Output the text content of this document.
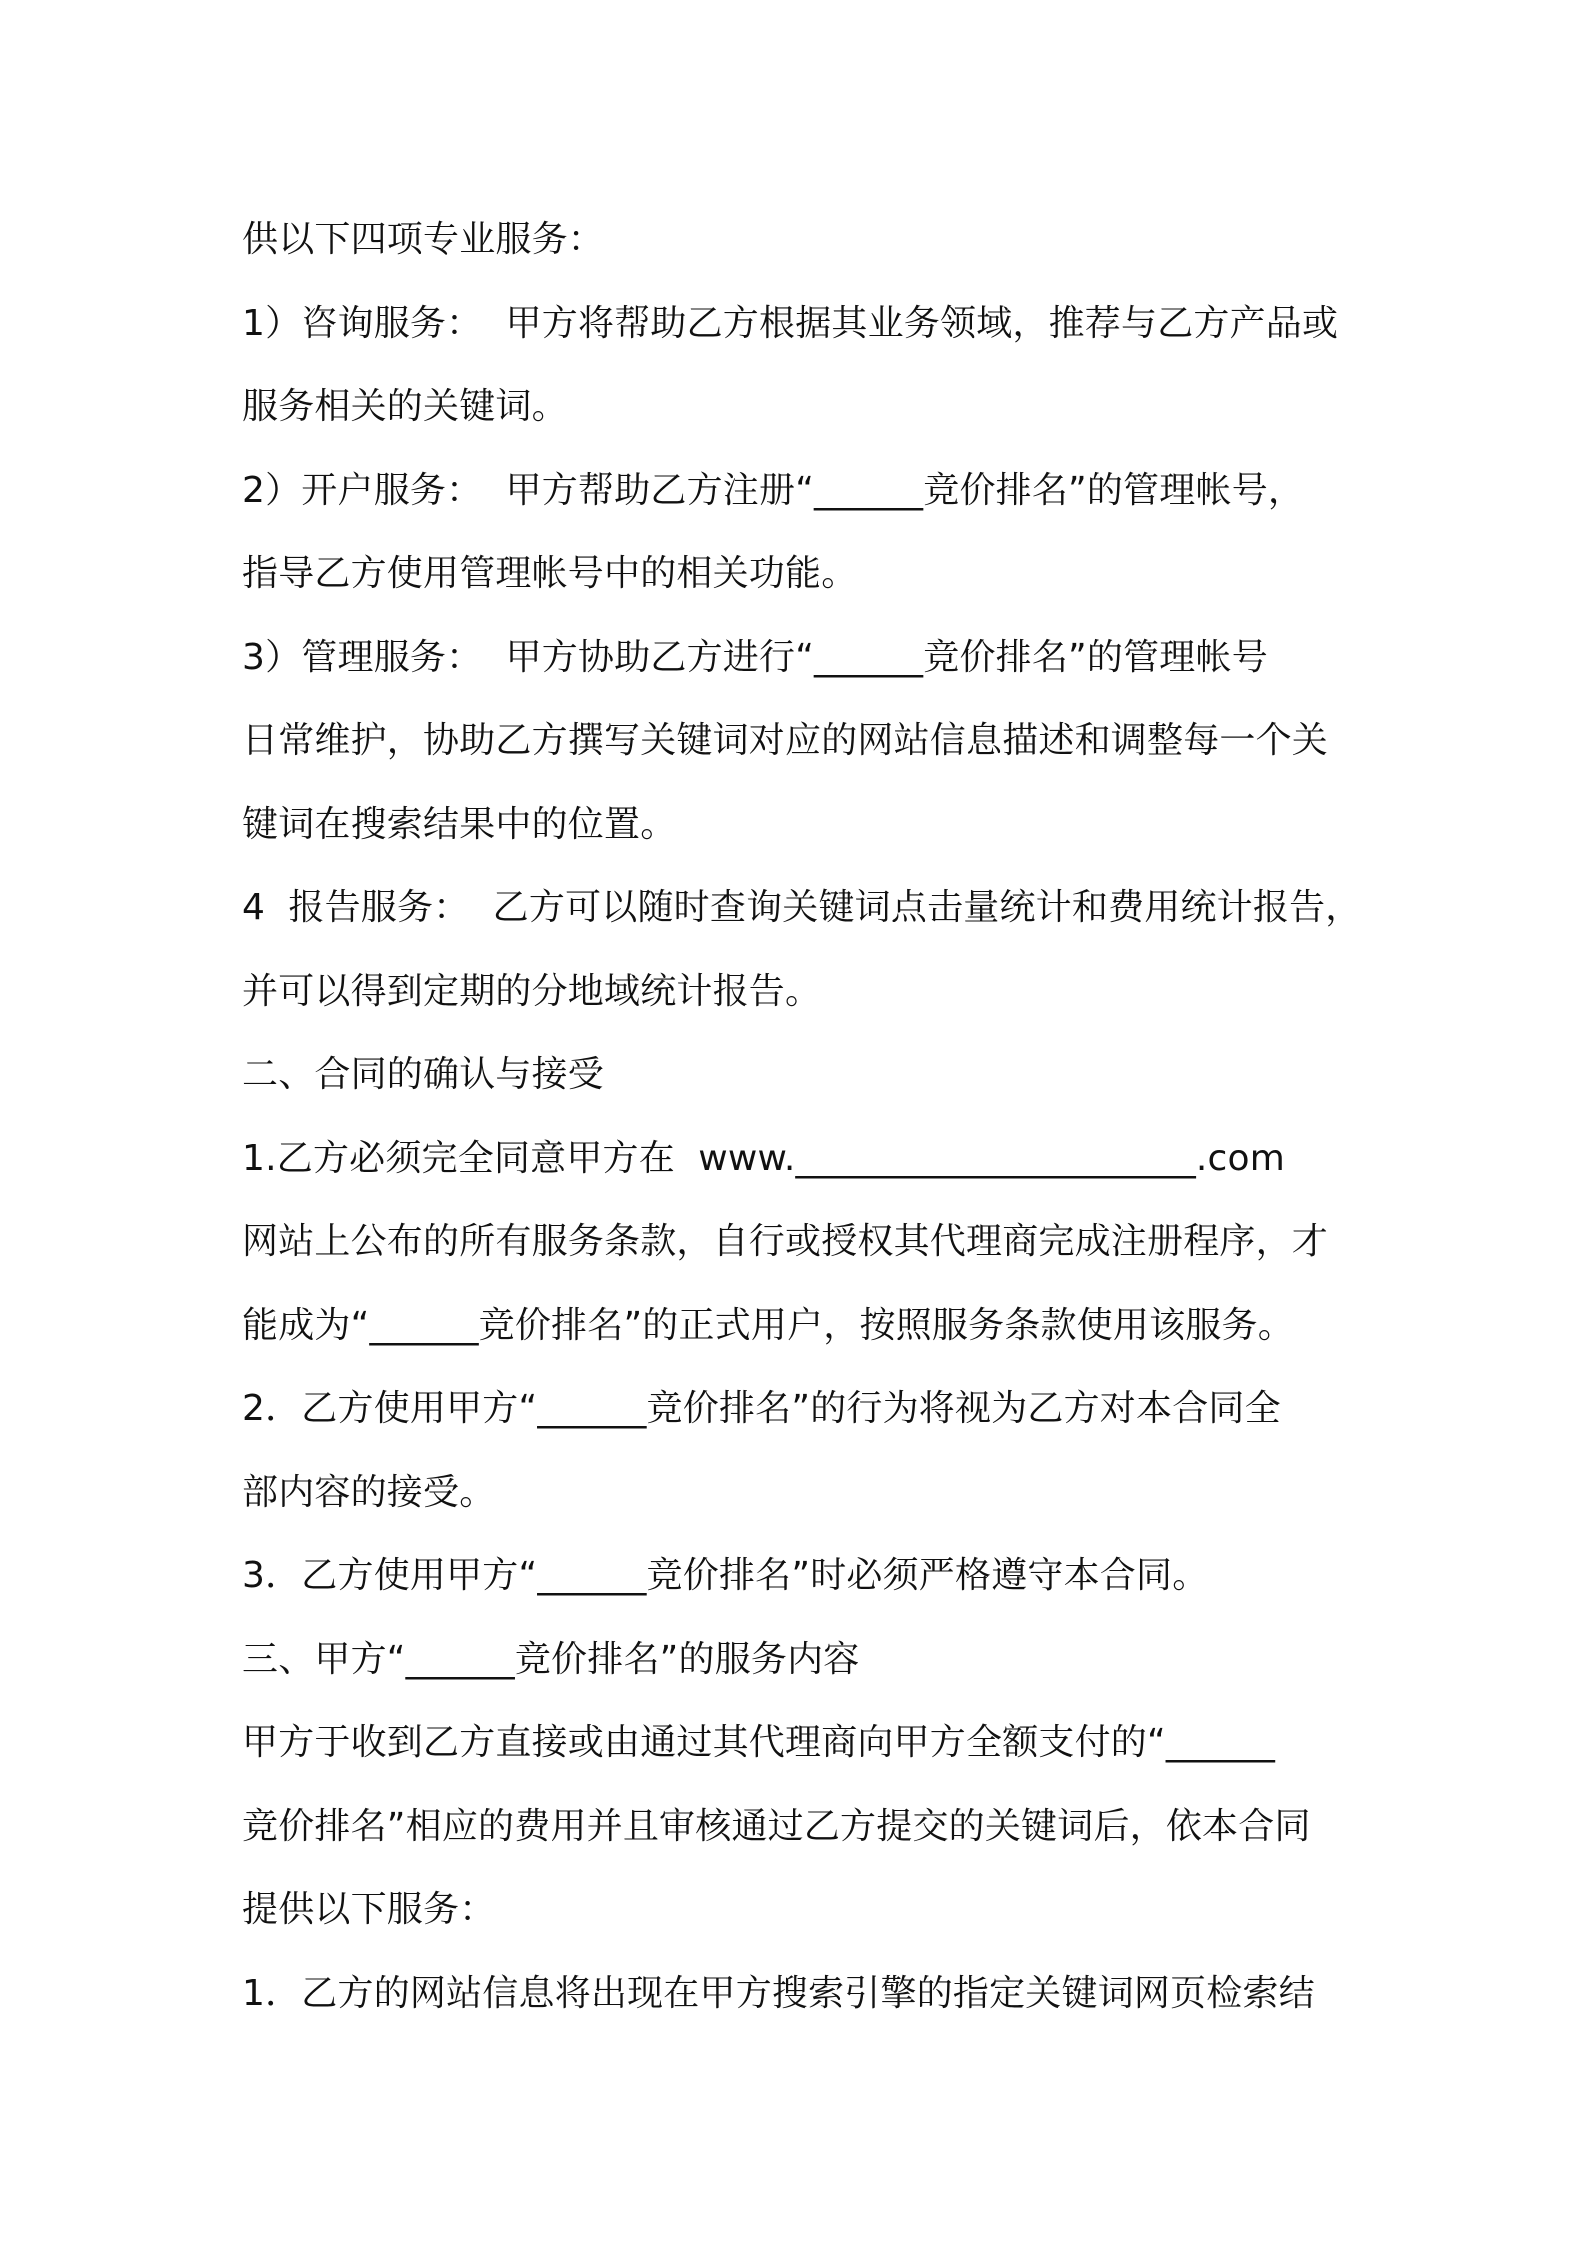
供以下四项专业服务：
1）咨询服务：  甲方将帮助乙方根据其业务领域，推荐与乙方产品或
服务相关的关键词。
2）开户服务：  甲方帮助乙方注册“______竞价排名”的管理帐号，
指导乙方使用管理帐号中的相关功能。
3）管理服务：  甲方协助乙方进行“______竞价排名”的管理帐号
日常维护，协助乙方撰写关键词对应的网站信息描述和调整每一个关
键词在搜索结果中的位置。
4  报告服务：  乙方可以随时查询关键词点击量统计和费用统计报告，
并可以得到定期的分地域统计报告。
二、合同的确认与接受
1.乙方必须完全同意甲方在  www.______________________.com
网站上公布的所有服务条款，自行或授权其代理商完成注册程序，才
能成为“______竞价排名”的正式用户，按照服务条款使用该服务。
2．乙方使用甲方“______竞价排名”的行为将视为乙方对本合同全
部内容的接受。
3．乙方使用甲方“______竞价排名”时必须严格遵守本合同。
三、甲方“______竞价排名”的服务内容
甲方于收到乙方直接或由通过其代理商向甲方全额支付的“______
竞价排名”相应的费用并且审核通过乙方提交的关键词后，依本合同
提供以下服务：
1．乙方的网站信息将出现在甲方搜索引擎的指定关键词网页检索结
